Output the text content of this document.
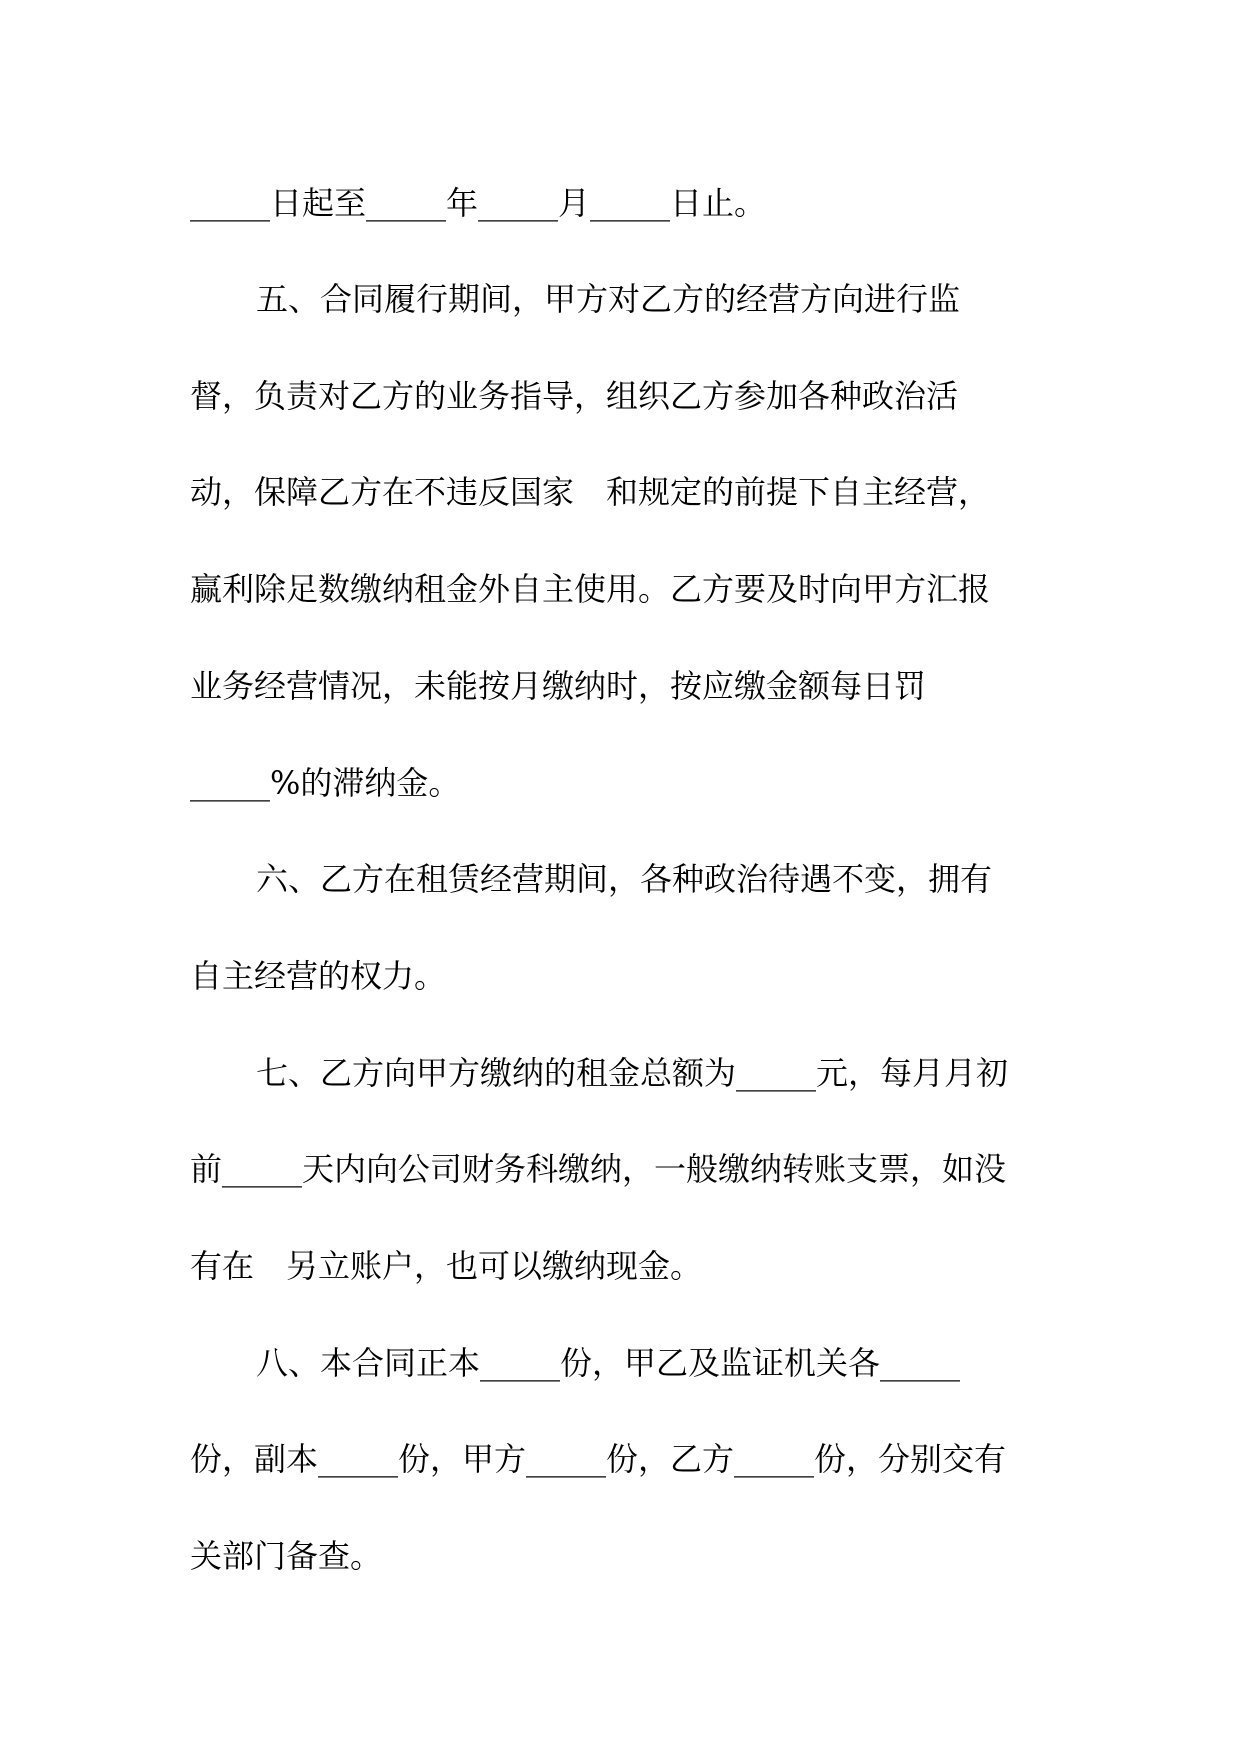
_____日起至_____年_____月_____日止。
五、合同履行期间，甲方对乙方的经营方向进行监
督，负责对乙方的业务指导，组织乙方参加各种政治活
动，保障乙方在不违反国家　和规定的前提下自主经营，
赢利除足数缴纳租金外自主使用。乙方要及时向甲方汇报
业务经营情况，未能按月缴纳时，按应缴金额每日罚
_____%的滞纳金。
六、乙方在租赁经营期间，各种政治待遇不变，拥有
自主经营的权力。
七、乙方向甲方缴纳的租金总额为_____元，每月月初
前_____天内向公司财务科缴纳，一般缴纳转账支票，如没
有在　另立账户，也可以缴纳现金。
八、本合同正本_____份，甲乙及监证机关各_____
份，副本_____份，甲方_____份，乙方_____份，分别交有
关部门备查。
